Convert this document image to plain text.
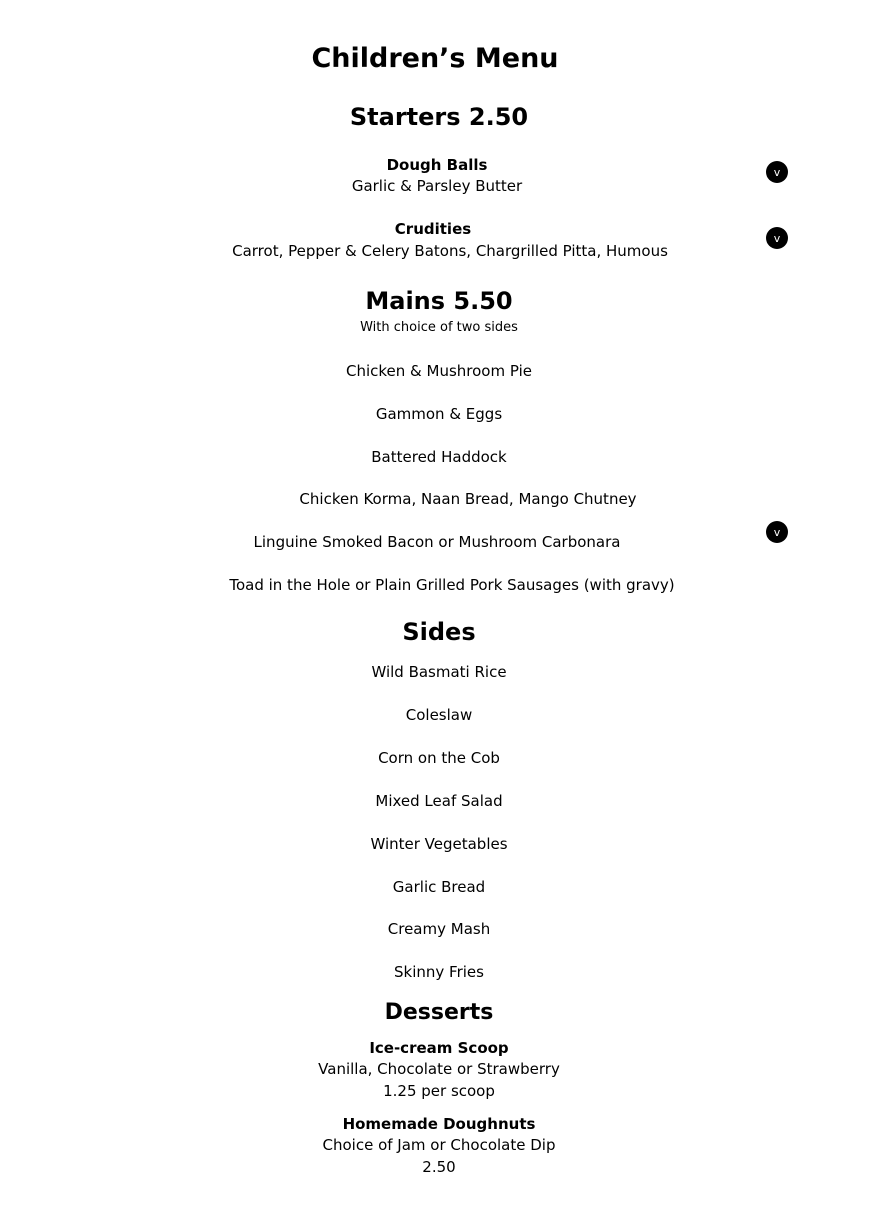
Children’s Menu
Starters 2.50
Dough Balls
Garlic & Parsley Butter
v
Crudities
Carrot, Pepper & Celery Batons, Chargrilled Pitta, Humous
v
Mains 5.50
With choice of two sides
Chicken & Mushroom Pie
Gammon & Eggs
Battered Haddock
Chicken Korma, Naan Bread, Mango Chutney
Linguine Smoked Bacon or Mushroom Carbonara
v
Toad in the Hole or Plain Grilled Pork Sausages (with gravy)
Sides
Wild Basmati Rice
Coleslaw
Corn on the Cob
Mixed Leaf Salad
Winter Vegetables
Garlic Bread
Creamy Mash
Skinny Fries
Desserts
Ice-cream Scoop
Vanilla, Chocolate or Strawberry
1.25 per scoop
Homemade Doughnuts
Choice of Jam or Chocolate Dip
2.50
